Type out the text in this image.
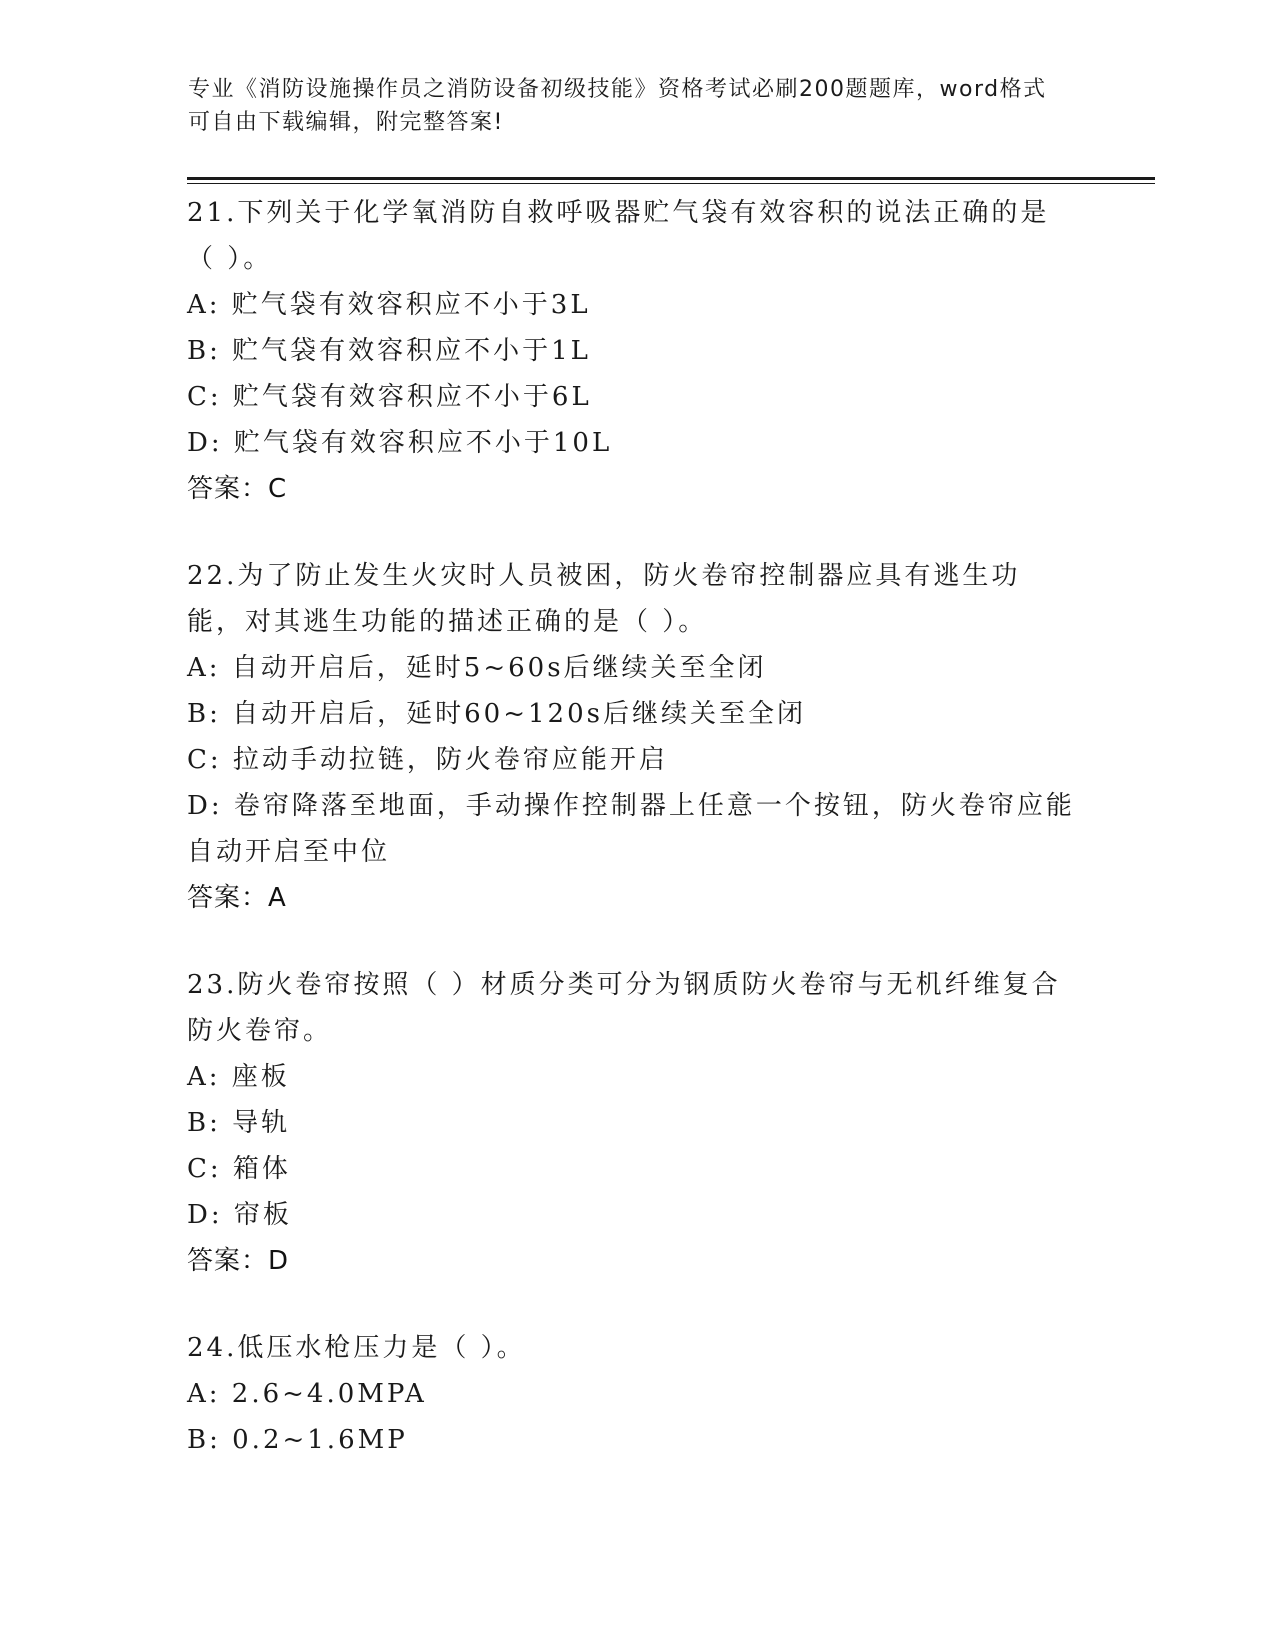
专业《消防设施操作员之消防设备初级技能》资格考试必刷200题题库，word格式可自由下载编辑，附完整答案!
21.下列关于化学氧消防自救呼吸器贮气袋有效容积的说法正确的是（ ）。
A: 贮气袋有效容积应不小于3L
B: 贮气袋有效容积应不小于1L
C: 贮气袋有效容积应不小于6L
D: 贮气袋有效容积应不小于10L
答案：C
22.为了防止发生火灾时人员被困，防火卷帘控制器应具有逃生功能，对其逃生功能的描述正确的是（ ）。
A: 自动开启后，延时5~60s后继续关至全闭
B: 自动开启后，延时60~120s后继续关至全闭
C: 拉动手动拉链，防火卷帘应能开启
D: 卷帘降落至地面，手动操作控制器上任意一个按钮，防火卷帘应能自动开启至中位
答案：A
23.防火卷帘按照（ ）材质分类可分为钢质防火卷帘与无机纤维复合防火卷帘。
A: 座板
B: 导轨
C: 箱体
D: 帘板
答案：D
24.低压水枪压力是（ ）。
A: 2.6~4.0MPA
B: 0.2~1.6MP
